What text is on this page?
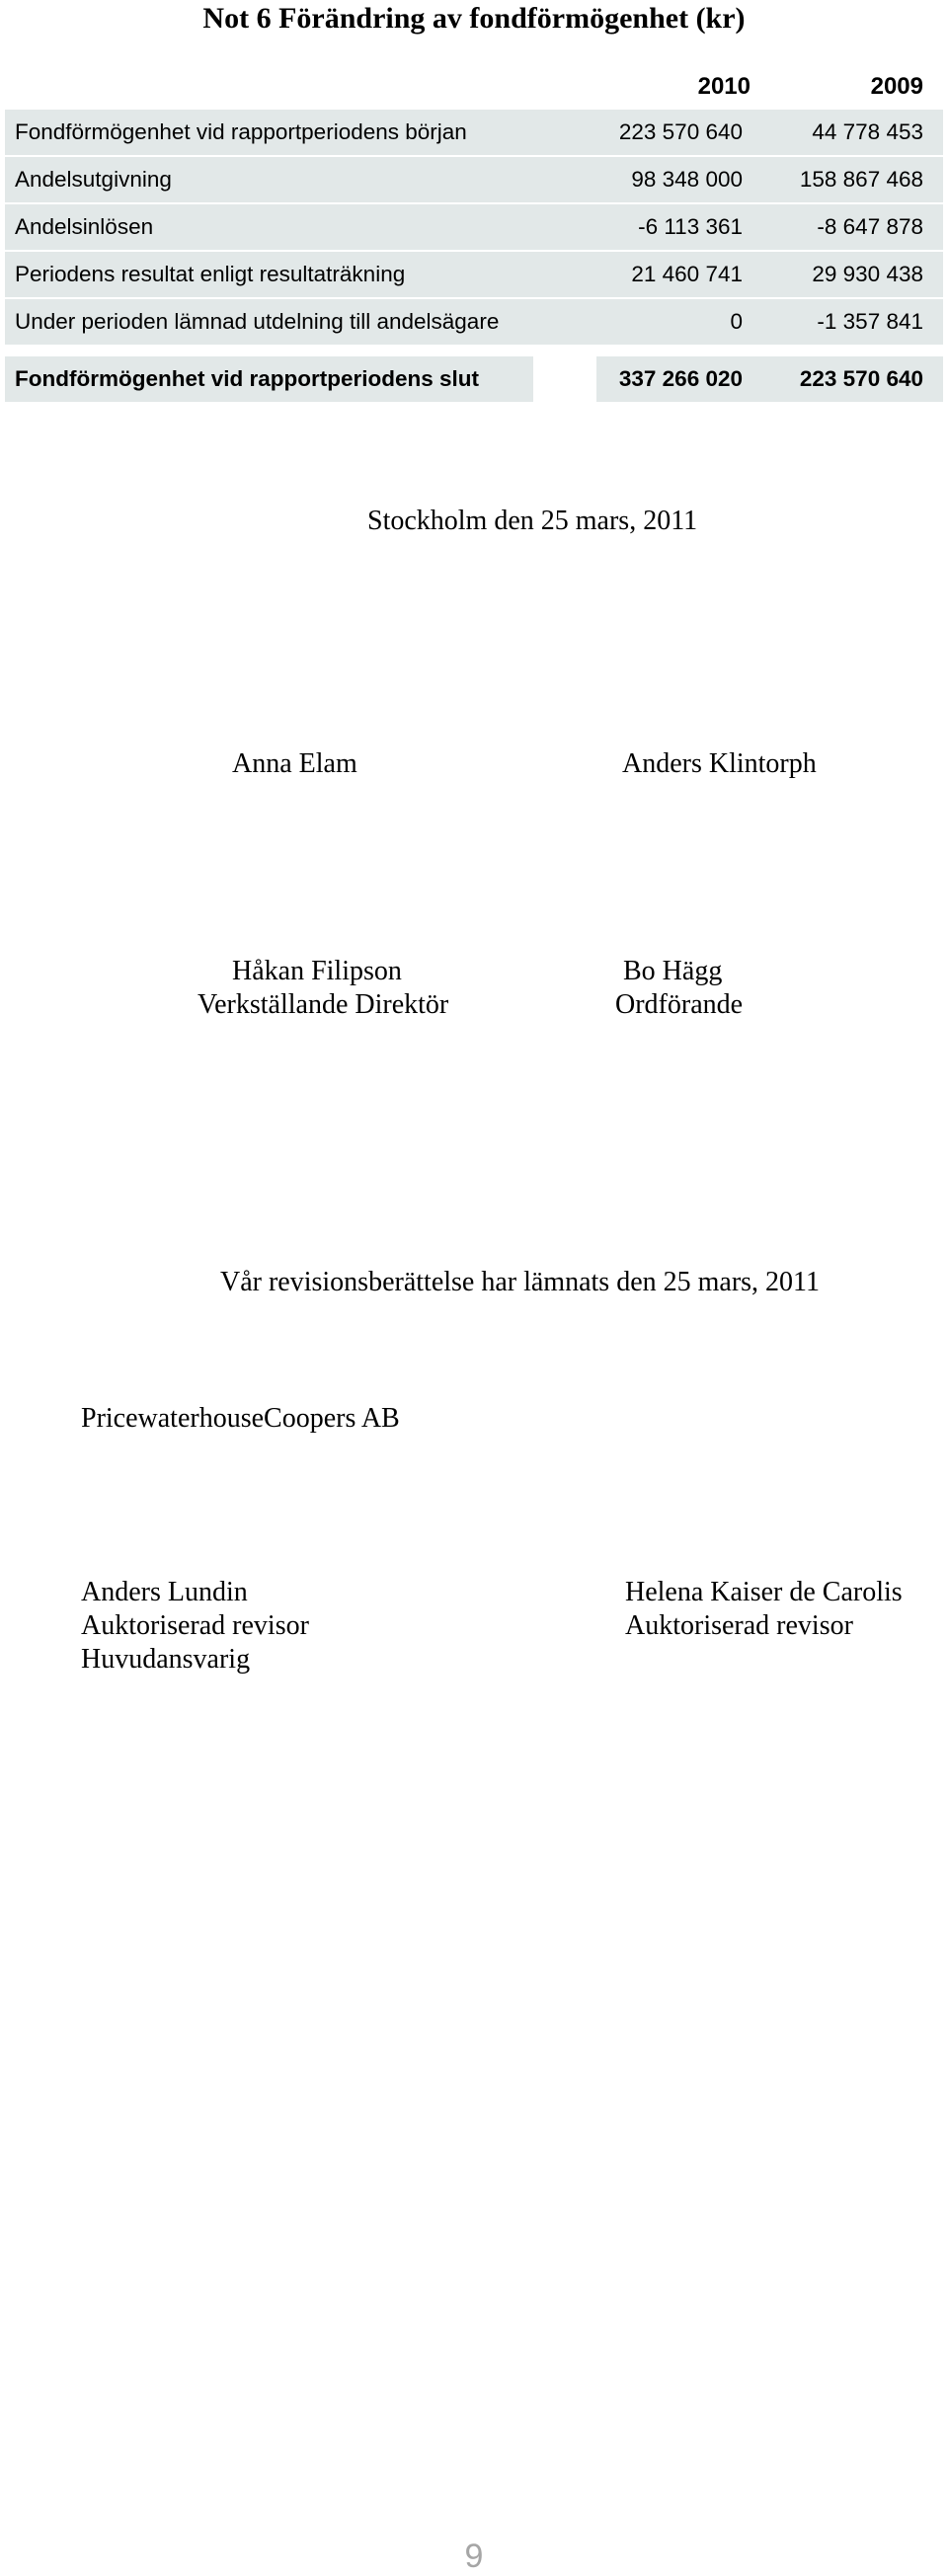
Not 6 Förändring av fondförmögenhet (kr)
2010	2009
Fondförmögenhet vid rapportperiodens början	223 570 640	44 778 453
Andelsutgivning	98 348 000	158 867 468
Andelsinlösen	-6 113 361	-8 647 878
Periodens resultat enligt resultaträkning	21 460 741	29 930 438
Under perioden lämnad utdelning till andelsägare	0	-1 357 841
Fondförmögenhet vid rapportperiodens slut	337 266 020	223 570 640
Stockholm den 25 mars, 2011
Anna Elam	Anders Klintorph
Håkan Filipson
Verkställande Direktör
Bo Hägg
Ordförande
Vår revisionsberättelse har lämnats den 25 mars, 2011
PricewaterhouseCoopers AB
Anders Lundin
Auktoriserad revisor
Huvudansvarig
Helena Kaiser de Carolis
Auktoriserad revisor
9
